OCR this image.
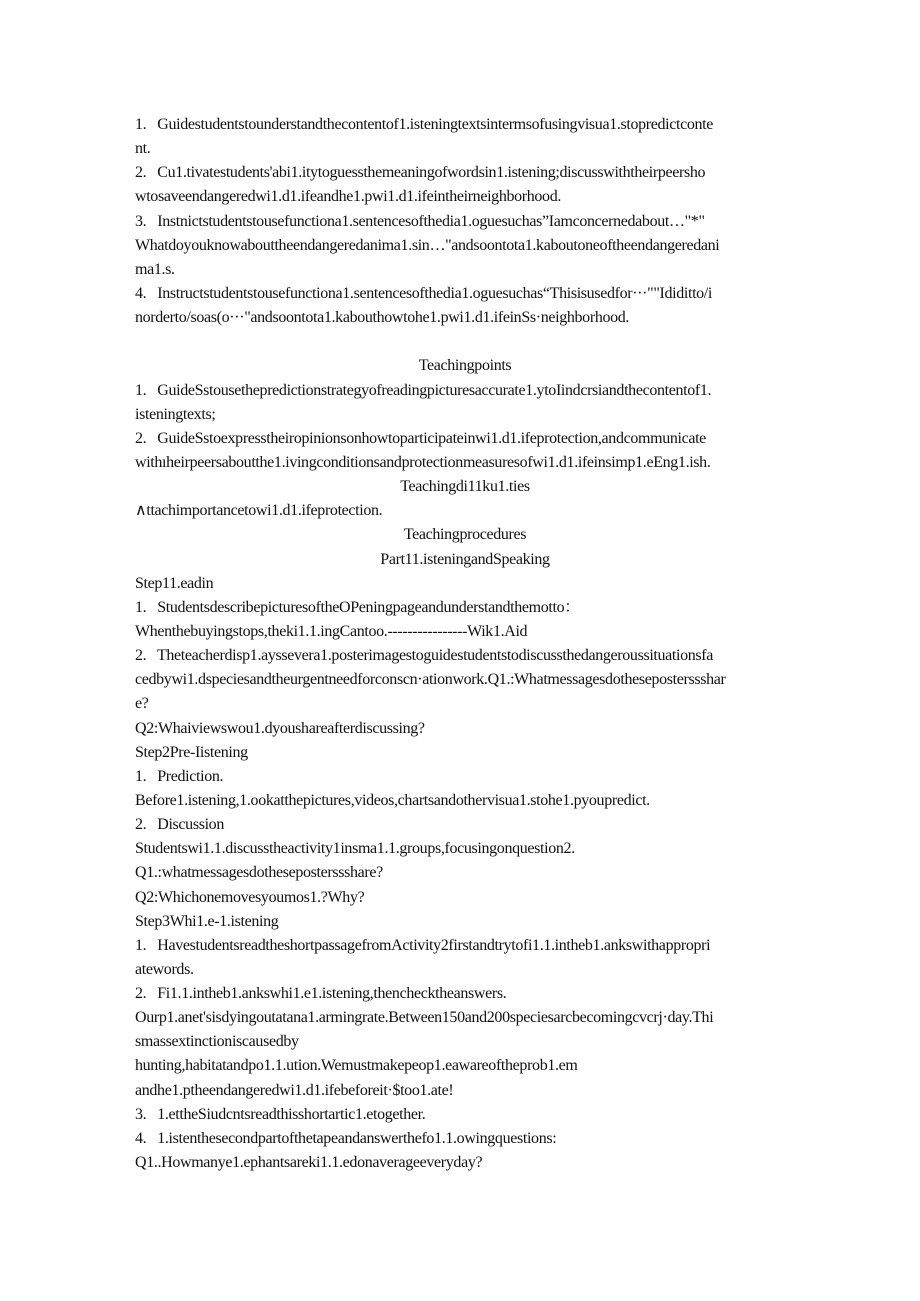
1.   Guidestudentstounderstandthecontentof1.isteningtextsintermsofusingvisua1.stopredictconte
nt.
2.   Cu1.tivatestudents'abi1.itytoguessthemeaningofwordsin1.istening;discusswiththeirpeersho
wtosaveendangeredwi1.d1.ifeandhe1.pwi1.d1.ifeintheirneighborhood.
3.   Instnictstudentstousefunctiona1.sentencesofthedia1.oguesuchas”Iamconcernedabout…"*"
Whatdoyouknowabouttheendangeredanima1.sin…"andsoontota1.kaboutoneoftheendangeredani
ma1.s.
4.   Instructstudentstousefunctiona1.sentencesofthedia1.oguesuchas“Thisisusedfor···""Ididitto/i
norderto/soas(o···"andsoontota1.kabouthowtohe1.pwi1.d1.ifeinSs·neighborhood.
Teachingpoints
1.   GuideSstousethepredictionstrategyofreadingpicturesaccurate1.ytoIindcrsiandthecontentof1.
isteningtexts;
2.   GuideSstoexpresstheiropinionsonhowtoparticipateinwi1.d1.ifeprotection,andcommunicate
withıheirpeersaboutthe1.ivingconditionsandprotectionmeasuresofwi1.d1.ifeinsimp1.eEng1.ish.
Teachingdi11ku1.ties
∧ttachimportancetowi1.d1.ifeprotection.
Teachingprocedures
Part11.isteningandSpeaking
Step11.eadin
1.   StudentsdescribepicturesoftheOPeningpageandunderstandthemotto：
Whenthebuyingstops,theki1.1.ingCantoo.----------------Wik1.Aid
2.   Theteacherdisp1.ayssevera1.posterimagestoguidestudentstodiscussthedangeroussituationsfa
cedbywi1.dspeciesandtheurgentneedforconscn·ationwork.Q1.:Whatmessagesdotheseposterssshar
e?
Q2:Whaiviewswou1.dyoushareafterdiscussing?
Step2Pre-Iistening
1.   Prediction.
Before1.istening,1.ookatthepictures,videos,chartsandothervisua1.stohe1.pyoupredict.
2.   Discussion
Studentswi1.1.discusstheactivity1insma1.1.groups,focusingonquestion2.
Q1.:whatmessagesdotheseposterssshare?
Q2:Whichonemovesyoumos1.?Why?
Step3Whi1.e-1.istening
1.   HavestudentsreadtheshortpassagefromActivity2firstandtrytofi1.1.intheb1.ankswithappropri
atewords.
2.   Fi1.1.intheb1.ankswhi1.e1.istening,thenchecktheanswers.
Ourp1.anet'sisdyingoutatana1.armingrate.Between150and200speciesarcbecomingcvcrj·day.Thi
smassextinctioniscausedby
hunting,habitatandpo1.1.ution.Wemustmakepeop1.eawareoftheprob1.em
andhe1.ptheendangeredwi1.d1.ifebeforeit·$too1.ate!
3.   1.ettheSiudcntsreadthisshortartic1.etogether.
4.   1.istenthesecondpartofthetapeandanswerthefo1.1.owingquestions:
Q1..Howmanye1.ephantsareki1.1.edonaverageeveryday?
